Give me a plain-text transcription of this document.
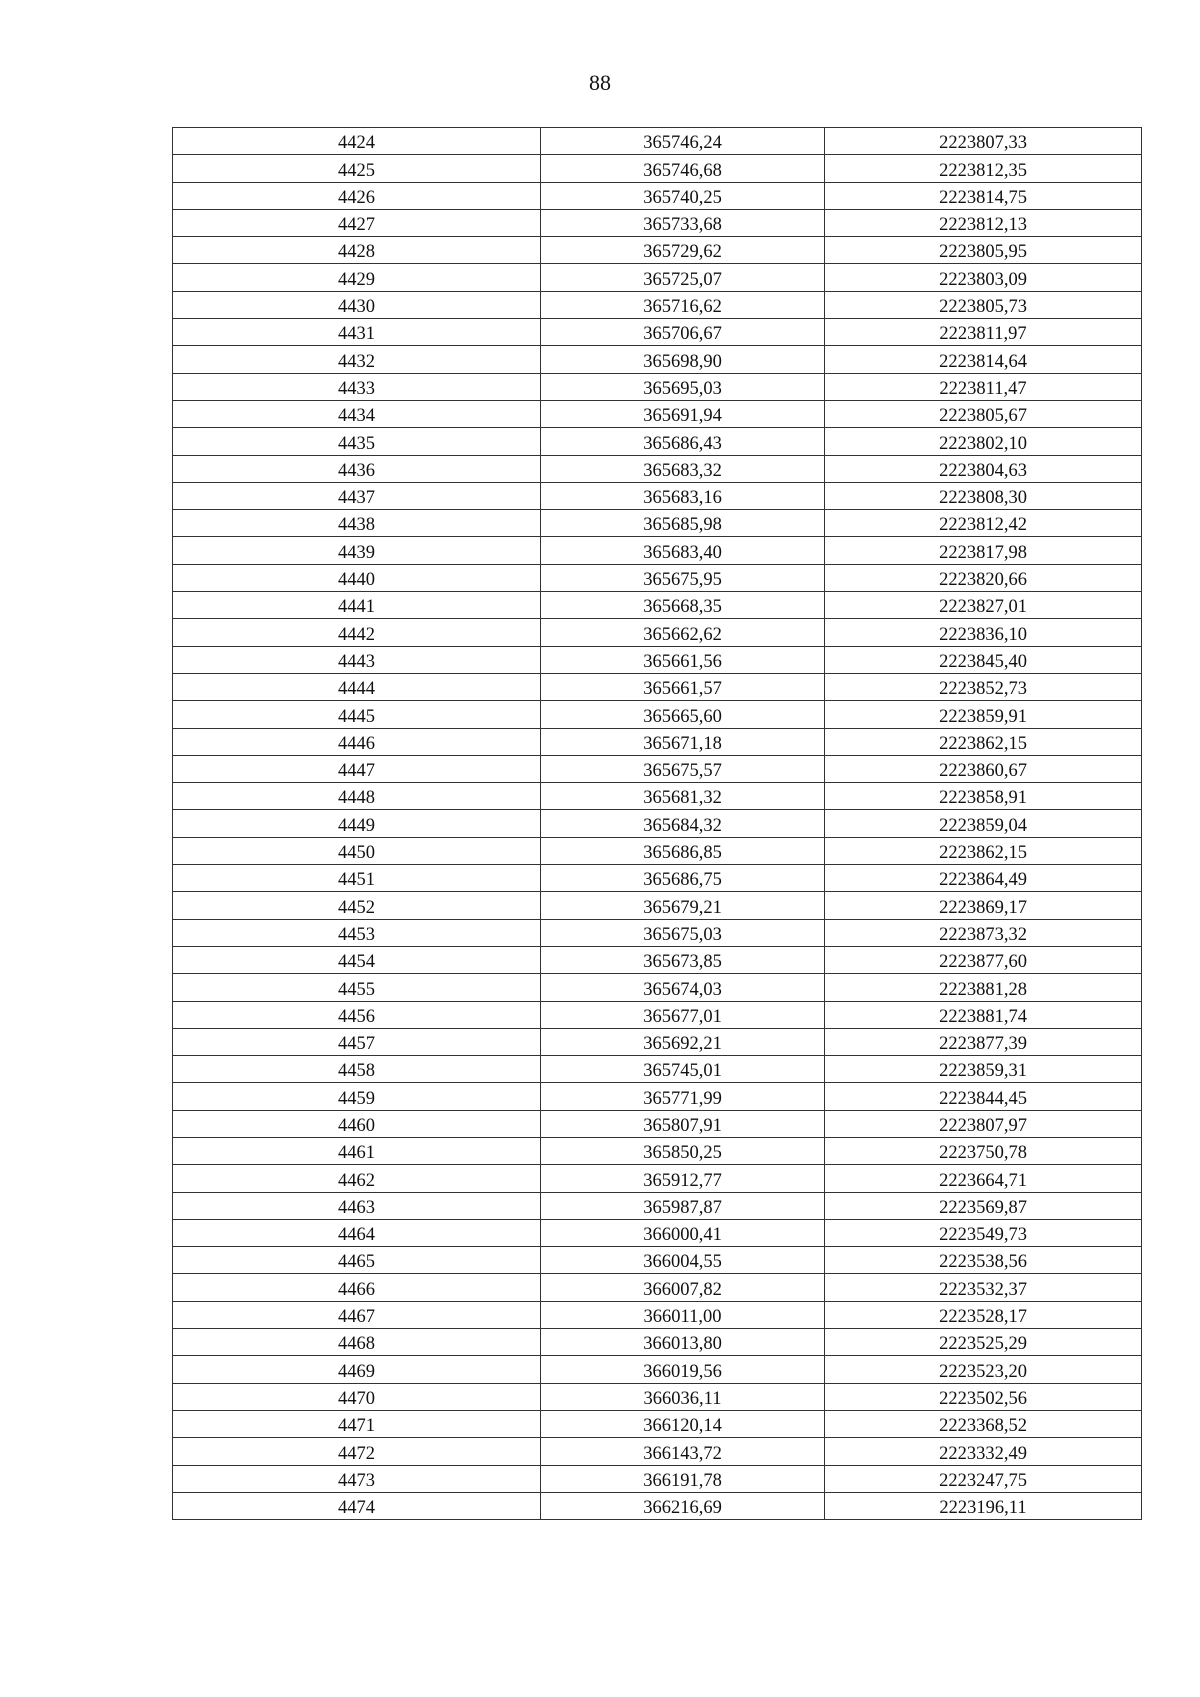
88
4424	365746,24	2223807,33
4425	365746,68	2223812,35
4426	365740,25	2223814,75
4427	365733,68	2223812,13
4428	365729,62	2223805,95
4429	365725,07	2223803,09
4430	365716,62	2223805,73
4431	365706,67	2223811,97
4432	365698,90	2223814,64
4433	365695,03	2223811,47
4434	365691,94	2223805,67
4435	365686,43	2223802,10
4436	365683,32	2223804,63
4437	365683,16	2223808,30
4438	365685,98	2223812,42
4439	365683,40	2223817,98
4440	365675,95	2223820,66
4441	365668,35	2223827,01
4442	365662,62	2223836,10
4443	365661,56	2223845,40
4444	365661,57	2223852,73
4445	365665,60	2223859,91
4446	365671,18	2223862,15
4447	365675,57	2223860,67
4448	365681,32	2223858,91
4449	365684,32	2223859,04
4450	365686,85	2223862,15
4451	365686,75	2223864,49
4452	365679,21	2223869,17
4453	365675,03	2223873,32
4454	365673,85	2223877,60
4455	365674,03	2223881,28
4456	365677,01	2223881,74
4457	365692,21	2223877,39
4458	365745,01	2223859,31
4459	365771,99	2223844,45
4460	365807,91	2223807,97
4461	365850,25	2223750,78
4462	365912,77	2223664,71
4463	365987,87	2223569,87
4464	366000,41	2223549,73
4465	366004,55	2223538,56
4466	366007,82	2223532,37
4467	366011,00	2223528,17
4468	366013,80	2223525,29
4469	366019,56	2223523,20
4470	366036,11	2223502,56
4471	366120,14	2223368,52
4472	366143,72	2223332,49
4473	366191,78	2223247,75
4474	366216,69	2223196,11
